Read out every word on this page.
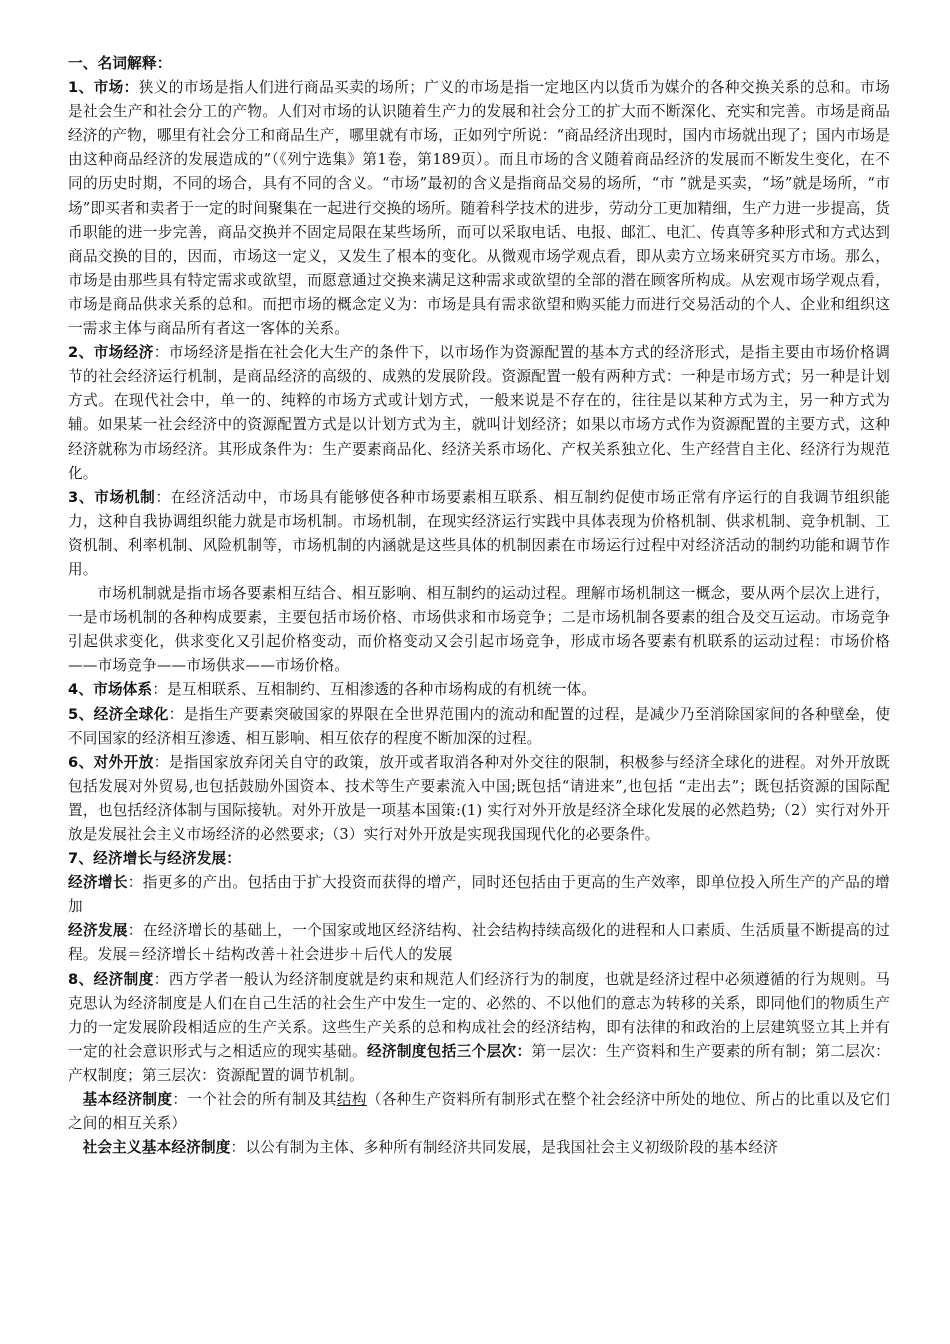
一、名词解释：

1、市场：狭义的市场是指人们进行商品买卖的场所；广义的市场是指一定地区内以货币为媒介的各种交换关系的总和。市场是社会生产和社会分工的产物。人们对市场的认识随着生产力的发展和社会分工的扩大而不断深化、充实和完善。市场是商品经济的产物，哪里有社会分工和商品生产，哪里就有市场，正如列宁所说：“商品经济出现时，国内市场就出现了；国内市场是由这种商品经济的发展造成的”（《列宁选集》第1卷，第189页）。而且市场的含义随着商品经济的发展而不断发生变化，在不同的历史时期，不同的场合，具有不同的含义。“市场”最初的含义是指商品交易的场所，“市 ”就是买卖，“场”就是场所，“市场”即买者和卖者于一定的时间聚集在一起进行交换的场所。随着科学技术的进步，劳动分工更加精细，生产力进一步提高，货币职能的进一步完善，商品交换并不固定局限在某些场所，而可以采取电话、电报、邮汇、电汇、传真等多种形式和方式达到商品交换的目的，因而，市场这一定义，又发生了根本的变化。从微观市场学观点看，即从卖方立场来研究买方市场。那么，市场是由那些具有特定需求或欲望，而愿意通过交换来满足这种需求或欲望的全部的潜在顾客所构成。从宏观市场学观点看，市场是商品供求关系的总和。而把市场的概念定义为：市场是具有需求欲望和购买能力而进行交易活动的个人、企业和组织这一需求主体与商品所有者这一客体的关系。

2、市场经济：市场经济是指在社会化大生产的条件下，以市场作为资源配置的基本方式的经济形式，是指主要由市场价格调节的社会经济运行机制，是商品经济的高级的、成熟的发展阶段。资源配置一般有两种方式：一种是市场方式；另一种是计划方式。在现代社会中，单一的、纯粹的市场方式或计划方式，一般来说是不存在的，往往是以某种方式为主，另一种方式为辅。如果某一社会经济中的资源配置方式是以计划方式为主，就叫计划经济；如果以市场方式作为资源配置的主要方式，这种经济就称为市场经济。其形成条件为：生产要素商品化、经济关系市场化、产权关系独立化、生产经营自主化、经济行为规范化。

3、市场机制：在经济活动中，市场具有能够使各种市场要素相互联系、相互制约促使市场正常有序运行的自我调节组织能力，这种自我协调组织能力就是市场机制。市场机制，在现实经济运行实践中具体表现为价格机制、供求机制、竞争机制、工资机制、利率机制、风险机制等，市场机制的内涵就是这些具体的机制因素在市场运行过程中对经济活动的制约功能和调节作用。

市场机制就是指市场各要素相互结合、相互影响、相互制约的运动过程。理解市场机制这一概念，要从两个层次上进行，一是市场机制的各种构成要素，主要包括市场价格、市场供求和市场竞争；二是市场机制各要素的组合及交互运动。市场竞争引起供求变化，供求变化又引起价格变动，而价格变动又会引起市场竞争，形成市场各要素有机联系的运动过程：市场价格——市场竞争——市场供求——市场价格。

4、市场体系：是互相联系、互相制约、互相渗透的各种市场构成的有机统一体。

5、经济全球化：是指生产要素突破国家的界限在全世界范围内的流动和配置的过程，是减少乃至消除国家间的各种壁垒，使不同国家的经济相互渗透、相互影响、相互依存的程度不断加深的过程。

6、对外开放：是指国家放弃闭关自守的政策，放开或者取消各种对外交往的限制，积极参与经济全球化的进程。对外开放既包括发展对外贸易,也包括鼓励外国资本、技术等生产要素流入中国;既包括“请进来”,也包括 “走出去”；既包括资源的国际配置，也包括经济体制与国际接轨。对外开放是一项基本国策:(1) 实行对外开放是经济全球化发展的必然趋势;（2）实行对外开放是发展社会主义市场经济的必然要求;（3）实行对外开放是实现我国现代化的必要条件。

7、经济增长与经济发展：

经济增长：指更多的产出。包括由于扩大投资而获得的增产，同时还包括由于更高的生产效率，即单位投入所生产的产品的增加

经济发展：在经济增长的基础上，一个国家或地区经济结构、社会结构持续高级化的进程和人口素质、生活质量不断提高的过程。发展＝经济增长＋结构改善＋社会进步＋后代人的发展

8、经济制度：西方学者一般认为经济制度就是约束和规范人们经济行为的制度，也就是经济过程中必须遵循的行为规则。马克思认为经济制度是人们在自己生活的社会生产中发生一定的、必然的、不以他们的意志为转移的关系，即同他们的物质生产力的一定发展阶段相适应的生产关系。这些生产关系的总和构成社会的经济结构，即有法律的和政治的上层建筑竖立其上并有一定的社会意识形式与之相适应的现实基础。经济制度包括三个层次：第一层次：生产资料和生产要素的所有制；第二层次：产权制度；第三层次：资源配置的调节机制。

基本经济制度：一个社会的所有制及其结构（各种生产资料所有制形式在整个社会经济中所处的地位、所占的比重以及它们之间的相互关系）

社会主义基本经济制度：以公有制为主体、多种所有制经济共同发展，是我国社会主义初级阶段的基本经济
